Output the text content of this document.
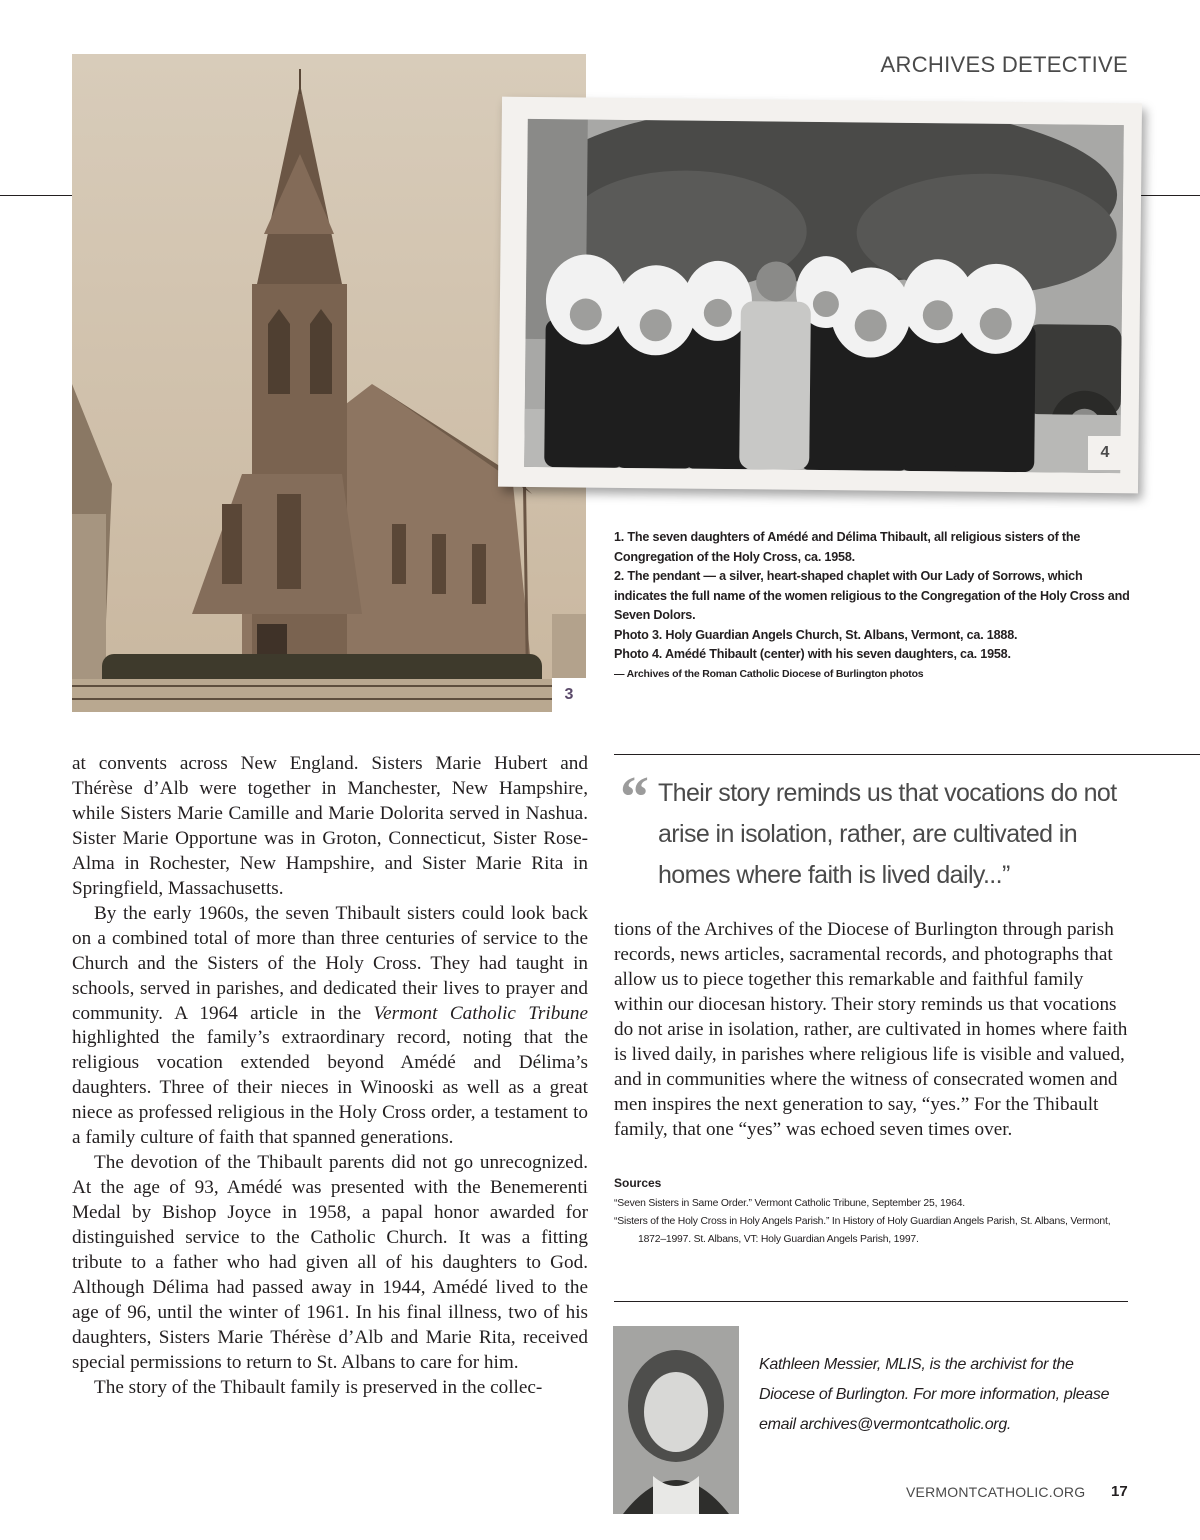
ARCHIVES DETECTIVE
3
4

1. The seven daughters of Amédé and Délima Thibault, all religious sisters of the Congregation of the Holy Cross, ca. 1958.

2. The pendant — a silver, heart-shaped chaplet with Our Lady of Sorrows, which indicates the full name of the women religious to the Congregation of the Holy Cross and Seven Dolors.

Photo 3. Holy Guardian Angels Church, St. Albans, Vermont, ca. 1888.

Photo 4. Amédé Thibault (center) with his seven daughters, ca. 1958.

— Archives of the Roman Catholic Diocese of Burlington photos

at convents across New England. Sisters Marie Hubert and Thérèse d’Alb were together in Manchester, New Hampshire, while Sisters Marie Camille and Marie Dolorita served in Nashua. Sister Marie Opportune was in Groton, Connecticut, Sister Rose-Alma in Rochester, New Hampshire, and Sister Marie Rita in Springfield, Massachusetts.

By the early 1960s, the seven Thibault sisters could look back on a combined total of more than three centuries of service to the Church and the Sisters of the Holy Cross. They had taught in schools, served in parishes, and dedicated their lives to prayer and community. A 1964 article in the Vermont Catholic Tribune highlighted the family’s extraordinary record, noting that the religious vocation extended beyond Amédé and Délima’s daughters. Three of their nieces in Winooski as well as a great niece as professed religious in the Holy Cross order, a testament to a family culture of faith that spanned generations.

The devotion of the Thibault parents did not go unrecognized. At the age of 93, Amédé was presented with the Benemerenti Medal by Bishop Joyce in 1958, a papal honor awarded for distinguished service to the Catholic Church. It was a fitting tribute to a father who had given all of his daughters to God. Although Délima had passed away in 1944, Amédé lived to the age of 96, until the winter of 1961. In his final illness, two of his daughters, Sisters Marie Thérèse d’Alb and Marie Rita, received special permissions to return to St. Albans to care for him.

The story of the Thibault family is preserved in the collec-

“ Their story reminds us that vocations do not arise in isolation, rather, are cultivated in homes where faith is lived daily...”

tions of the Archives of the Diocese of Burlington through parish records, news articles, sacramental records, and photographs that allow us to piece together this remarkable and faithful family within our diocesan history. Their story reminds us that vocations do not arise in isolation, rather, are cultivated in homes where faith is lived daily, in parishes where religious life is visible and valued, and in communities where the witness of consecrated women and men inspires the next generation to say, “yes.” For the Thibault family, that one “yes” was echoed seven times over.

Sources

“Seven Sisters in Same Order.” Vermont Catholic Tribune, September 25, 1964.

“Sisters of the Holy Cross in Holy Angels Parish.” In History of Holy Guardian Angels Parish, St. Albans, Vermont, 1872–1997. St. Albans, VT: Holy Guardian Angels Parish, 1997.

Kathleen Messier, MLIS, is the archivist for the Diocese of Burlington. For more information, please email archives@vermontcatholic.org.
VERMONTCATHOLIC.ORG 17
